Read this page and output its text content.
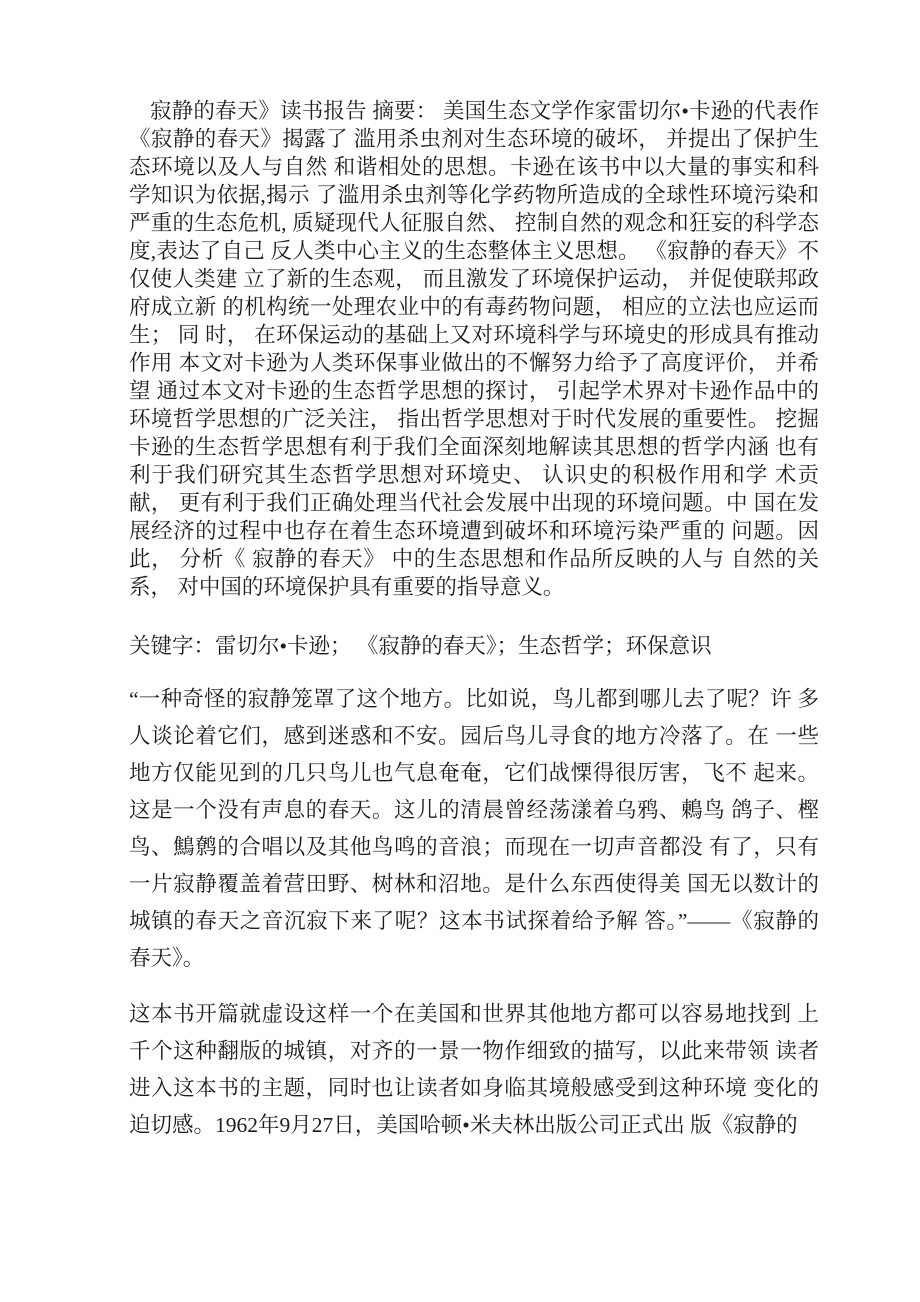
寂静的春天》读书报告 摘要： 美国生态文学作家雷切尔•卡逊的代表作《寂静的春天》揭露了 滥用杀虫剂对生态环境的破坏， 并提出了保护生态环境以及人与自然 和谐相处的思想。卡逊在该书中以大量的事实和科学知识为依据,揭示 了滥用杀虫剂等化学药物所造成的全球性环境污染和严重的生态危机, 质疑现代人征服自然、 控制自然的观念和狂妄的科学态度,表达了自己 反人类中心主义的生态整体主义思想。 《寂静的春天》不仅使人类建 立了新的生态观， 而且激发了环境保护运动， 并促使联邦政府成立新 的机构统一处理农业中的有毒药物问题， 相应的立法也应运而生； 同 时， 在环保运动的基础上又对环境科学与环境史的形成具有推动作用 本文对卡逊为人类环保事业做出的不懈努力给予了高度评价， 并希望 通过本文对卡逊的生态哲学思想的探讨， 引起学术界对卡逊作品中的 环境哲学思想的广泛关注， 指出哲学思想对于时代发展的重要性。 挖掘卡逊的生态哲学思想有利于我们全面深刻地解读其思想的哲学内涵 也有利于我们研究其生态哲学思想对环境史、 认识史的积极作用和学 术贡献， 更有利于我们正确处理当代社会发展中出现的环境问题。中 国在发展经济的过程中也存在着生态环境遭到破坏和环境污染严重的 问题。因此， 分析《 寂静的春天》 中的生态思想和作品所反映的人与 自然的关系， 对中国的环境保护具有重要的指导意义。

关键字：雷切尔•卡逊； 《寂静的春天》；生态哲学；环保意识

“一种奇怪的寂静笼罩了这个地方。比如说，鸟儿都到哪儿去了呢？许 多人谈论着它们，感到迷惑和不安。园后鸟儿寻食的地方冷落了。在 一些地方仅能见到的几只鸟儿也气息奄奄，它们战慄得很厉害，飞不 起来。这是一个没有声息的春天。这儿的清晨曾经荡漾着乌鸦、鶇鸟 鸽子、樫鸟、鷦鹩的合唱以及其他鸟鸣的音浪；而现在一切声音都没 有了，只有一片寂静覆盖着营田野、树林和沼地。是什么东西使得美 国无以数计的城镇的春天之音沉寂下来了呢？这本书试探着给予解 答。”——《寂静的春天》。

这本书开篇就虚设这样一个在美国和世界其他地方都可以容易地找到 上千个这种翻版的城镇，对齐的一景一物作细致的描写，以此来带领 读者进入这本书的主题，同时也让读者如身临其境般感受到这种环境 变化的迫切感。1962年9月27日，美国哈顿•米夫林出版公司正式出 版《寂静的
